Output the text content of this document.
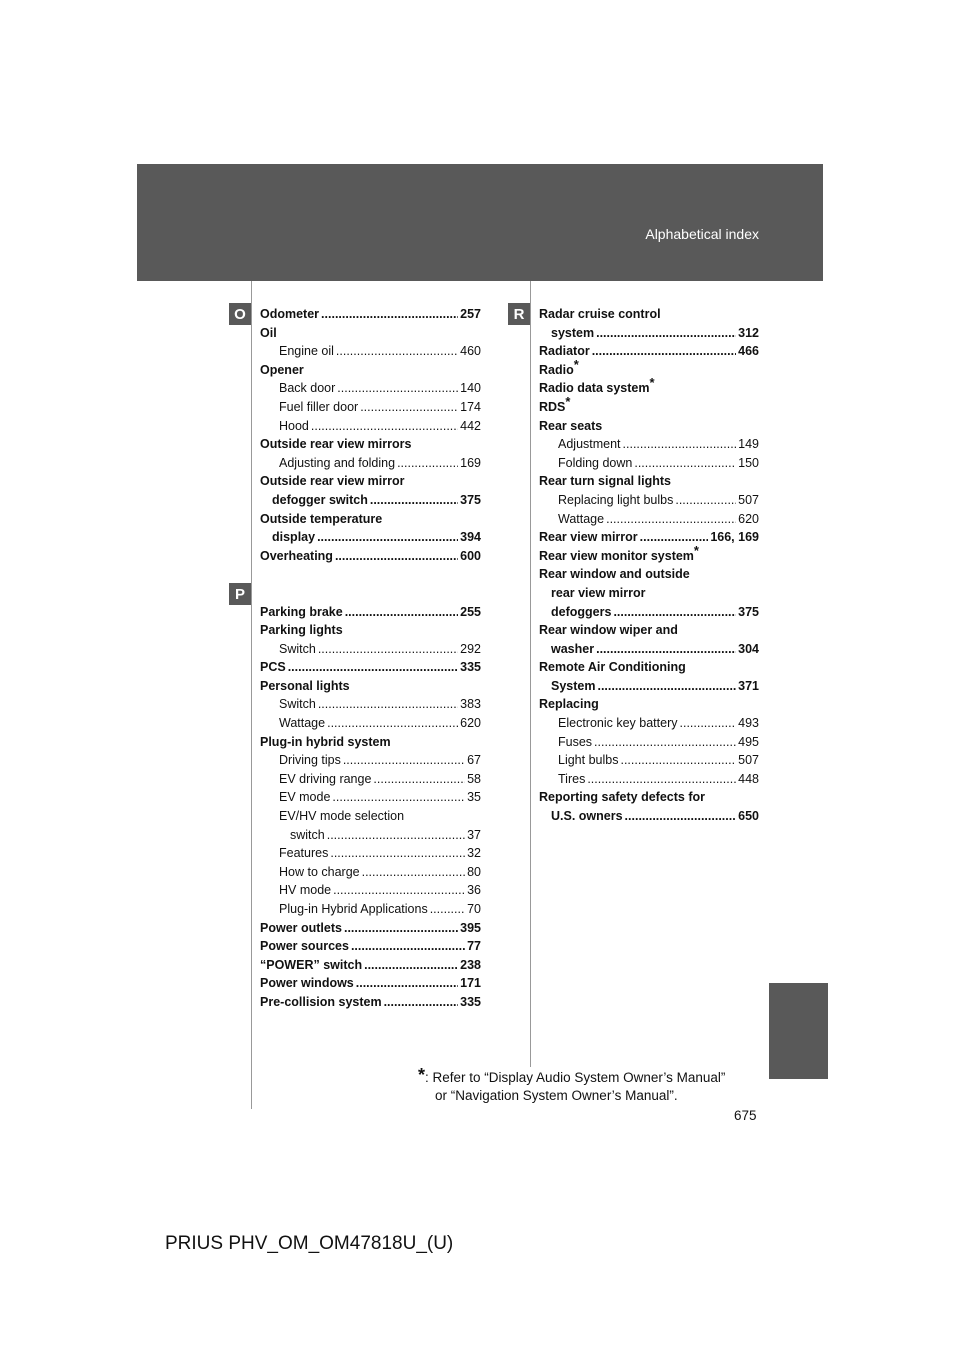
Alphabetical index
O
P
R
Odometer .....	257
Oil
Engine oil .....	460
Opener
Back door .....	140
Fuel filler door .....	174
Hood .....	442
Outside rear view mirrors
Adjusting and folding .....	169
Outside rear view mirror
defogger switch .....	375
Outside temperature
display .....	394
Overheating .....	600
Parking brake .....	255
Parking lights
Switch .....	292
PCS .....	335
Personal lights
Switch .....	383
Wattage .....	620
Plug-in hybrid system
Driving tips .....	67
EV driving range .....	58
EV mode .....	35
EV/HV mode selection
switch .....	37
Features .....	32
How to charge .....	80
HV mode .....	36
Plug-in Hybrid Applications .....	70
Power outlets .....	395
Power sources .....	77
“POWER” switch .....	238
Power windows .....	171
Pre-collision system .....	335
Radar cruise control
system .....	312
Radiator .....	466
Radio*
Radio data system*
RDS*
Rear seats
Adjustment .....	149
Folding down .....	150
Rear turn signal lights
Replacing light bulbs .....	507
Wattage .....	620
Rear view mirror .....	166, 169
Rear view monitor system*
Rear window and outside
rear view mirror
defoggers .....	375
Rear window wiper and
washer .....	304
Remote Air Conditioning
System .....	371
Replacing
Electronic key battery .....	493
Fuses .....	495
Light bulbs .....	507
Tires .....	448
Reporting safety defects for
U.S. owners .....	650
*: Refer to “Display Audio System Owner’s Manual”
or “Navigation System Owner’s Manual”.
675
PRIUS PHV_OM_OM47818U_(U)
